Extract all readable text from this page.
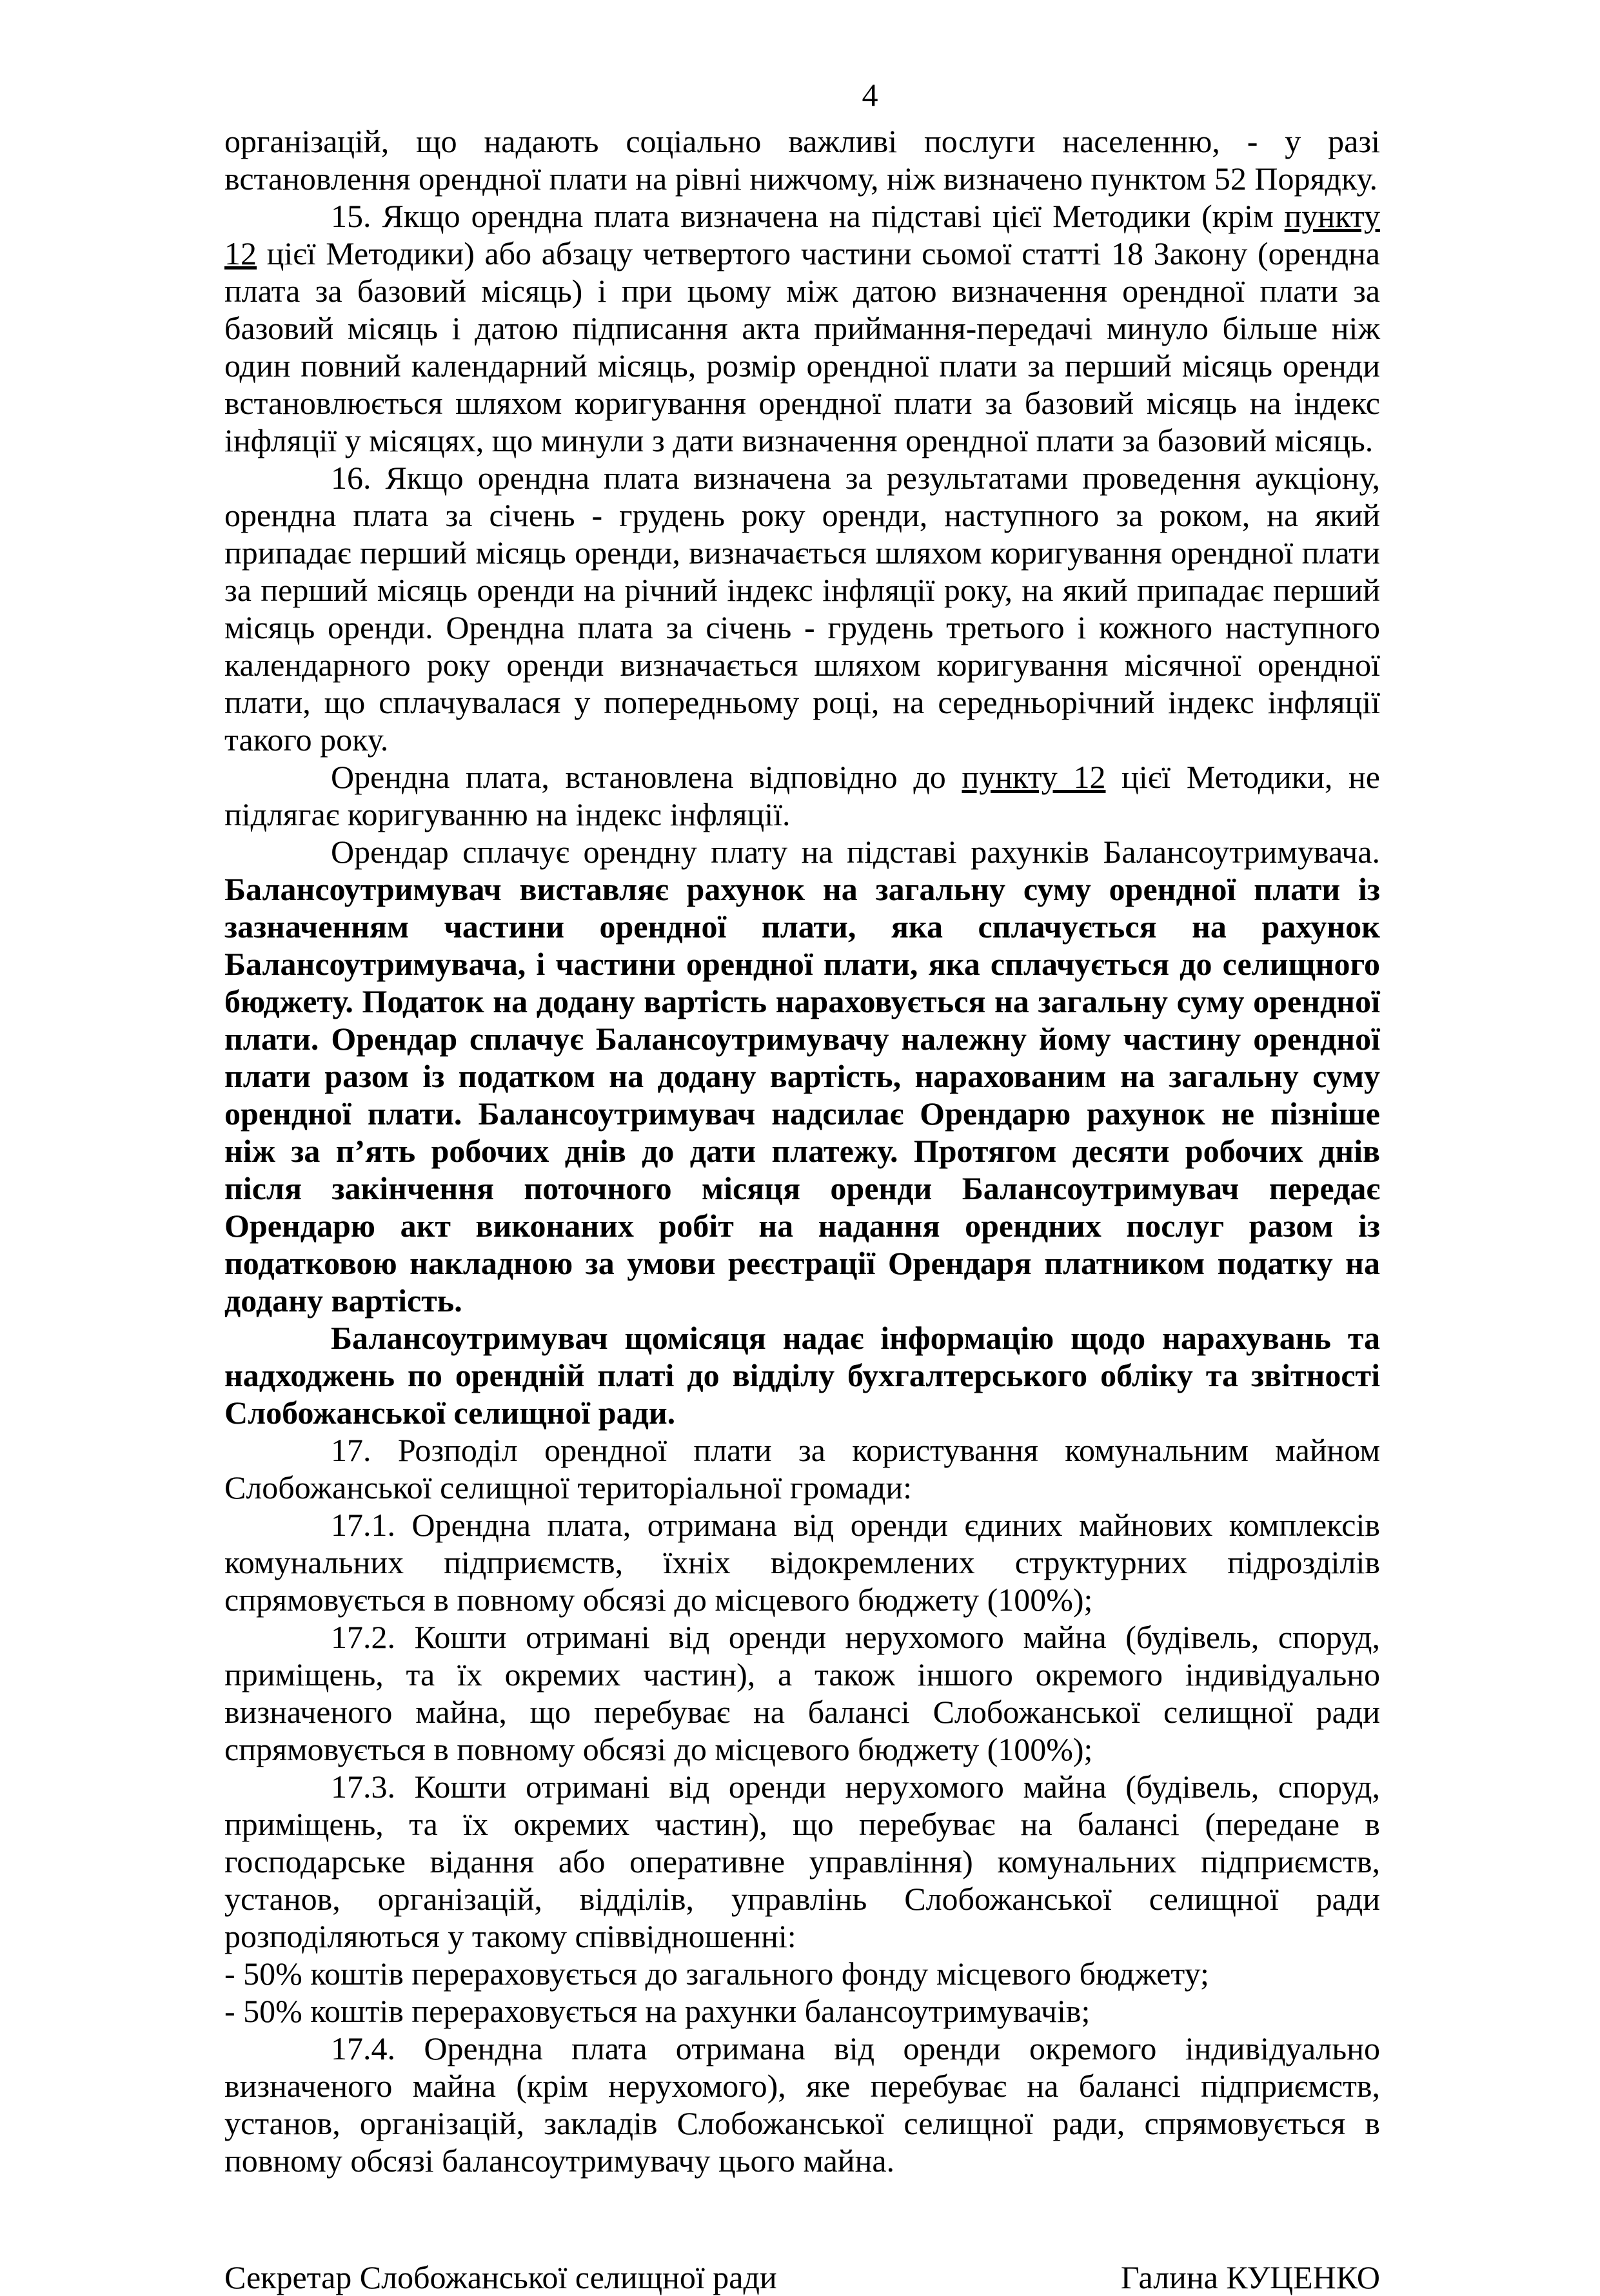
4

організацій, що надають соціально важливі послуги населенню, - у разі встановлення орендної плати на рівні нижчому, ніж визначено пунктом 52 Порядку.

15. Якщо орендна плата визначена на підставі цієї Методики (крім пункту 12 цієї Методики) або абзацу четвертого частини сьомої статті 18 Закону (орендна плата за базовий місяць) і при цьому між датою визначення орендної плати за базовий місяць і датою підписання акта приймання-передачі минуло більше ніж один повний календарний місяць, розмір орендної плати за перший місяць оренди встановлюється шляхом коригування орендної плати за базовий місяць на індекс інфляції у місяцях, що минули з дати визначення орендної плати за базовий місяць.

16. Якщо орендна плата визначена за результатами проведення аукціону, орендна плата за січень - грудень року оренди, наступного за роком, на який припадає перший місяць оренди, визначається шляхом коригування орендної плати за перший місяць оренди на річний індекс інфляції року, на який припадає перший місяць оренди. Орендна плата за січень - грудень третього і кожного наступного календарного року оренди визначається шляхом коригування місячної орендної плати, що сплачувалася у попередньому році, на середньорічний індекс інфляції такого року.

Орендна плата, встановлена відповідно до пункту 12 цієї Методики, не підлягає коригуванню на індекс інфляції.

Орендар сплачує орендну плату на підставі рахунків Балансоутримувача. Балансоутримувач виставляє рахунок на загальну суму орендної плати із зазначенням частини орендної плати, яка сплачується на рахунок Балансоутримувача, і частини орендної плати, яка сплачується до селищного бюджету. Податок на додану вартість нараховується на загальну суму орендної плати. Орендар сплачує Балансоутримувачу належну йому частину орендної плати разом із податком на додану вартість, нарахованим на загальну суму орендної плати. Балансоутримувач надсилає Орендарю рахунок не пізніше ніж за п’ять робочих днів до дати платежу. Протягом десяти робочих днів після закінчення поточного місяця оренди Балансоутримувач передає Орендарю акт виконаних робіт на надання орендних послуг разом із податковою накладною за умови реєстрації Орендаря платником податку на додану вартість.

Балансоутримувач щомісяця надає інформацію щодо нарахувань та надходжень по орендній платі до відділу бухгалтерського обліку та звітності Слобожанської селищної ради.

17. Розподіл орендної плати за користування комунальним майном Слобожанської селищної територіальної громади:

17.1. Орендна плата, отримана від оренди єдиних майнових комплексів комунальних підприємств, їхніх відокремлених структурних підрозділів спрямовується в повному обсязі до місцевого бюджету (100%);

17.2. Кошти отримані від оренди нерухомого майна (будівель, споруд, приміщень, та їх окремих частин), а також іншого окремого індивідуально визначеного майна, що перебуває на балансі Слобожанської селищної ради спрямовується в повному обсязі до місцевого бюджету (100%);

17.3. Кошти отримані від оренди нерухомого майна (будівель, споруд, приміщень, та їх окремих частин), що перебуває на балансі (передане в господарське відання або оперативне управління) комунальних підприємств, установ, організацій, відділів, управлінь Слобожанської селищної ради розподіляються у такому співвідношенні:

- 50% коштів перераховується до загального фонду місцевого бюджету;

- 50% коштів перераховується на рахунки балансоутримувачів;

17.4. Орендна плата отримана від оренди окремого індивідуально визначеного майна (крім нерухомого), яке перебуває на балансі підприємств, установ, організацій, закладів Слобожанської селищної ради, спрямовується в повному обсязі балансоутримувачу цього майна.

Секретар Слобожанської селищної ради	Галина КУЦЕНКО
